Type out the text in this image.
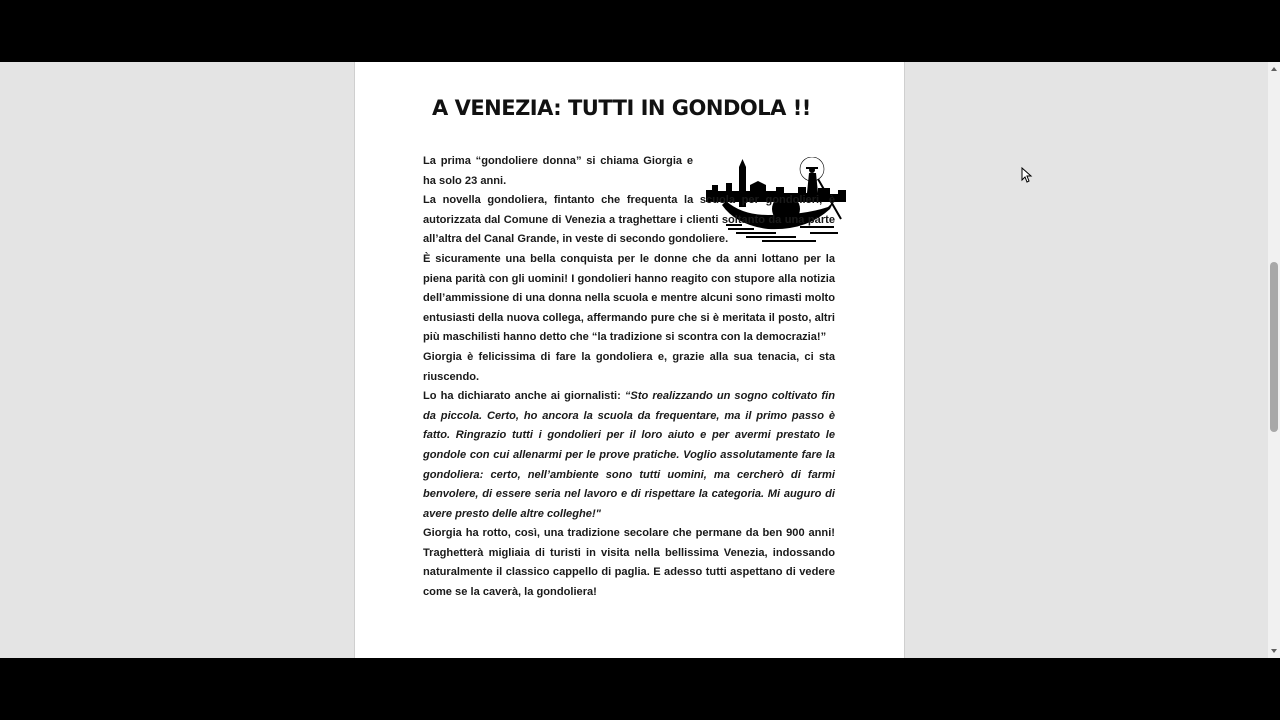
A VENEZIA: TUTTI IN GONDOLA !!

La prima “gondoliere donna” si chiama Giorgia e ha solo 23 anni.

La novella gondoliera, fintanto che frequenta la scuola per gondolieri, è autorizzata dal Comune di Venezia a traghettare i clienti soltanto da una parte all’altra del Canal Grande, in veste di secondo gondoliere.

È sicuramente una bella conquista per le donne che da anni lottano per la piena parità con gli uomini! I gondolieri hanno reagito con stupore alla notizia dell’ammissione di una donna nella scuola e mentre alcuni sono rimasti molto entusiasti della nuova collega, affermando pure che si è meritata il posto, altri più maschilisti hanno detto che “la tradizione si scontra con la democrazia!”

Giorgia è felicissima di fare la gondoliera e, grazie alla sua tenacia, ci sta riuscendo.

Lo ha dichiarato anche ai giornalisti: “Sto realizzando un sogno coltivato fin da piccola. Certo, ho ancora la scuola da frequentare, ma il primo passo è fatto. Ringrazio tutti i gondolieri per il loro aiuto e per avermi prestato le gondole con cui allenarmi per le prove pratiche. Voglio assolutamente fare la gondoliera: certo, nell’ambiente sono tutti uomini, ma cercherò di farmi benvolere, di essere seria nel lavoro e di rispettare la categoria. Mi auguro di avere presto delle altre colleghe!"

Giorgia ha rotto, così, una tradizione secolare che permane da ben 900 anni! Traghetterà migliaia di turisti in visita nella bellissima Venezia, indossando naturalmente il classico cappello di paglia. E adesso tutti aspettano di vedere come se la caverà, la gondoliera!
